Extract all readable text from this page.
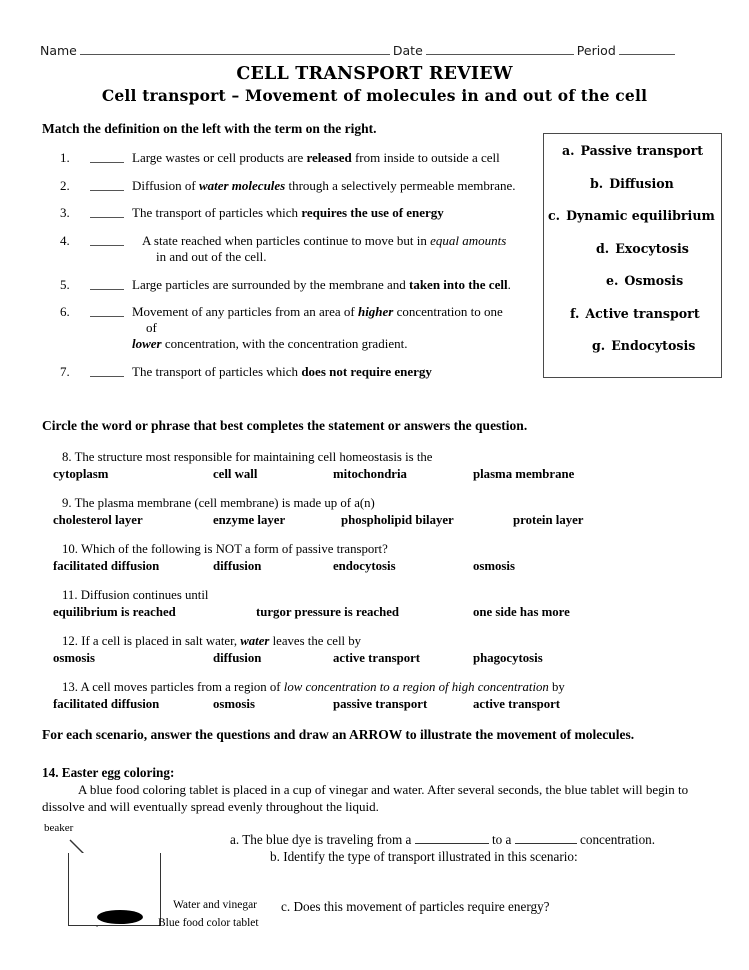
Name	Date	Period
CELL TRANSPORT REVIEW
Cell transport – Movement of molecules in and out of the cell
Match the definition on the left with the term on the right.
1.	Large wastes or cell products are released from inside to outside a cell
2.	Diffusion of water molecules through a selectively permeable membrane.
3.	The transport of particles which requires the use of energy
4.	A state reached when particles continue to move but in equal amounts
in and out of the cell.
5.	Large particles are surrounded by the membrane and taken into the cell.
6.	Movement of any particles from an area of higher concentration to one
of
lower concentration, with the concentration gradient.
7.	The transport of particles which does not require energy
a. Passive transport
b. Diffusion
c. Dynamic equilibrium
d. Exocytosis
e. Osmosis
f. Active transport
g. Endocytosis
Circle the word or phrase that best completes the statement or answers the question.
8. The structure most responsible for maintaining cell homeostasis is the
cytoplasm	cell wall	mitochondria	plasma membrane
9. The plasma membrane (cell membrane) is made up of a(n)
cholesterol layer	enzyme layer	phospholipid bilayer	protein layer
10. Which of the following is NOT a form of passive transport?
facilitated diffusion	diffusion	endocytosis	osmosis
11. Diffusion continues until
equilibrium is reached	turgor pressure is reached	one side has more
12. If a cell is placed in salt water, water leaves the cell by
osmosis	diffusion	active transport	phagocytosis
13. A cell moves particles from a region of low concentration to a region of high concentration by
facilitated diffusion	osmosis	passive transport	active transport
For each scenario, answer the questions and draw an ARROW to illustrate the movement of molecules.
14. Easter egg coloring:
A blue food coloring tablet is placed in a cup of vinegar and water. After several seconds, the blue tablet will begin to dissolve and will eventually spread evenly throughout the liquid.
beaker
Water and vinegar
Blue food color tablet
a. The blue dye is traveling from a	to a	concentration.
b. Identify the type of transport illustrated in this scenario:
c. Does this movement of particles require energy?
